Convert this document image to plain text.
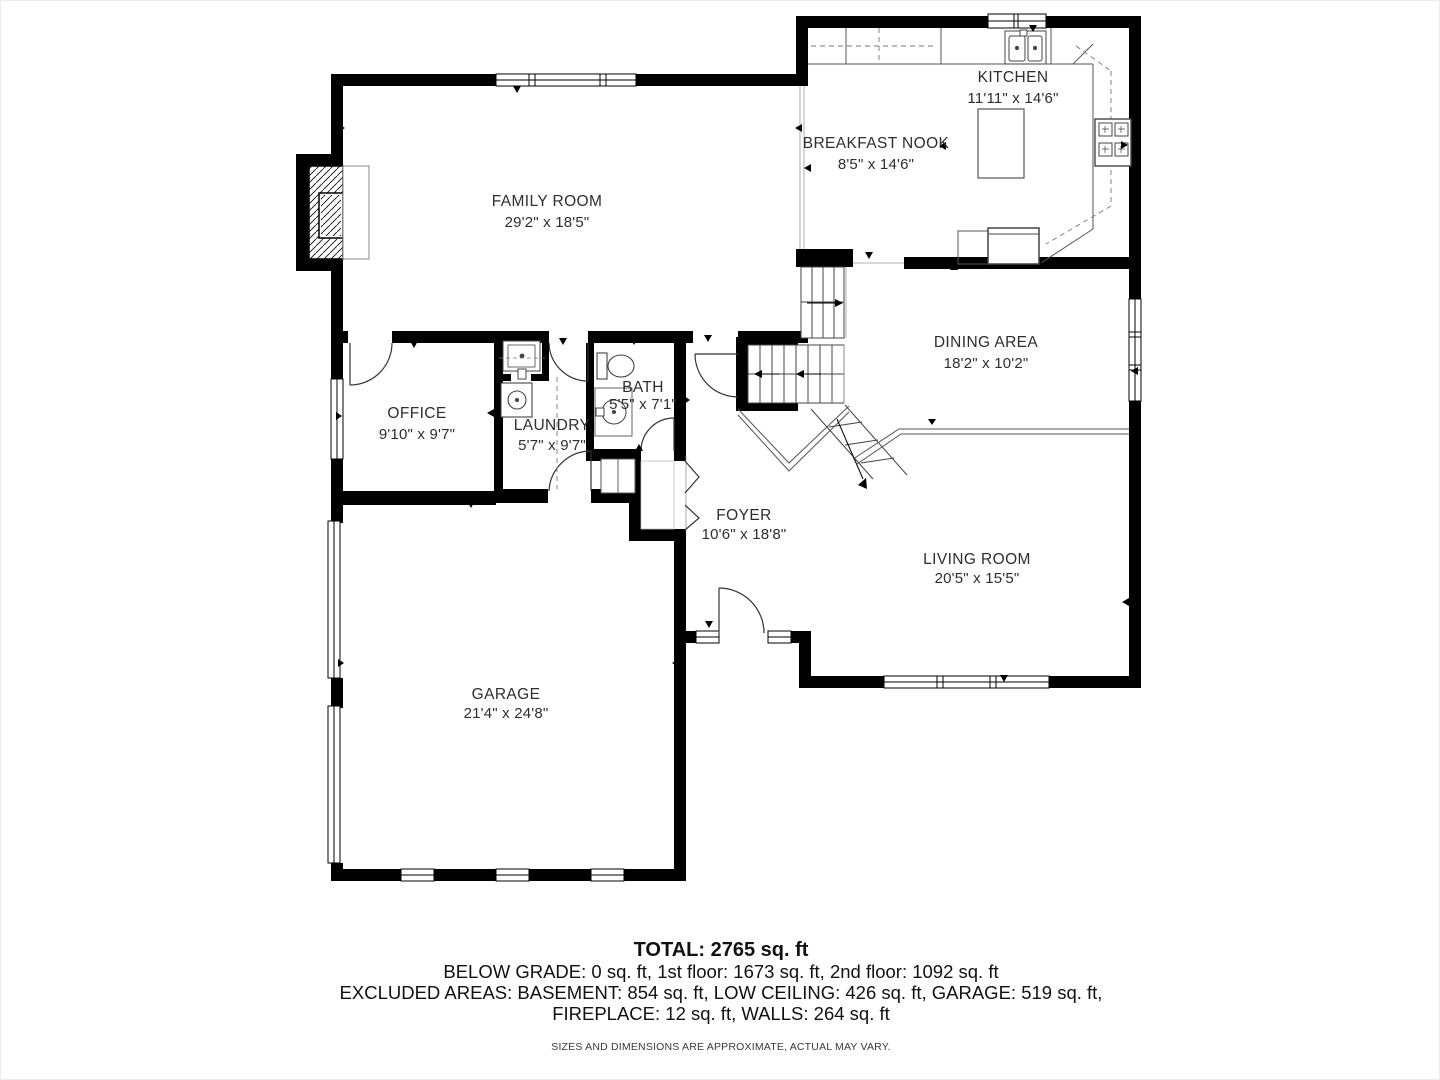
FAMILY ROOM
29'2" x 18'5"
KITCHEN
11'11" x 14'6"
BREAKFAST NOOK
8'5" x 14'6"
DINING AREA
18'2" x 10'2"
OFFICE
9'10" x 9'7"
LAUNDRY
5'7" x 9'7"
BATH
5'5" x 7'1"
FOYER
10'6" x 18'8"
LIVING ROOM
20'5" x 15'5"
GARAGE
21'4" x 24'8"
TOTAL: 2765 sq. ft
BELOW GRADE: 0 sq. ft, 1st floor: 1673 sq. ft, 2nd floor: 1092 sq. ft
EXCLUDED AREAS: BASEMENT: 854 sq. ft, LOW CEILING: 426 sq. ft, GARAGE: 519 sq. ft,
FIREPLACE: 12 sq. ft, WALLS: 264 sq. ft
SIZES AND DIMENSIONS ARE APPROXIMATE, ACTUAL MAY VARY.
